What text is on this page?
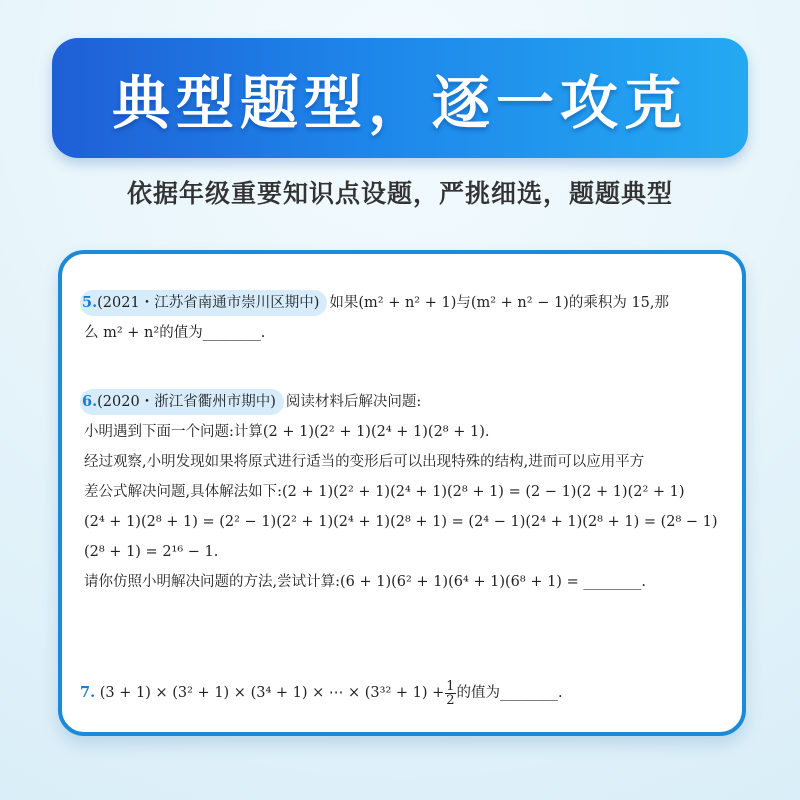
典型题型，逐一攻克
依据年级重要知识点设题，严挑细选，题题典型
5.(2021・江苏省南通市崇川区期中) 如果(m² + n² + 1)与(m² + n² − 1)的乘积为 15,那
么 m² + n²的值为________.
6.(2020・浙江省衢州市期中) 阅读材料后解决问题:
小明遇到下面一个问题:计算(2 + 1)(2² + 1)(2⁴ + 1)(2⁸ + 1).
经过观察,小明发现如果将原式进行适当的变形后可以出现特殊的结构,进而可以应用平方
差公式解决问题,具体解法如下:(2 + 1)(2² + 1)(2⁴ + 1)(2⁸ + 1) = (2 − 1)(2 + 1)(2² + 1)
(2⁴ + 1)(2⁸ + 1) = (2² − 1)(2² + 1)(2⁴ + 1)(2⁸ + 1) = (2⁴ − 1)(2⁴ + 1)(2⁸ + 1) = (2⁸ − 1)
(2⁸ + 1) = 2¹⁶ − 1.
请你仿照小明解决问题的方法,尝试计算:(6 + 1)(6² + 1)(6⁴ + 1)(6⁸ + 1) = ________.
7. (3 + 1) × (3² + 1) × (3⁴ + 1) × ⋯ × $(3^{32} + 1) + \frac{1}{2}$ 的值为________.
